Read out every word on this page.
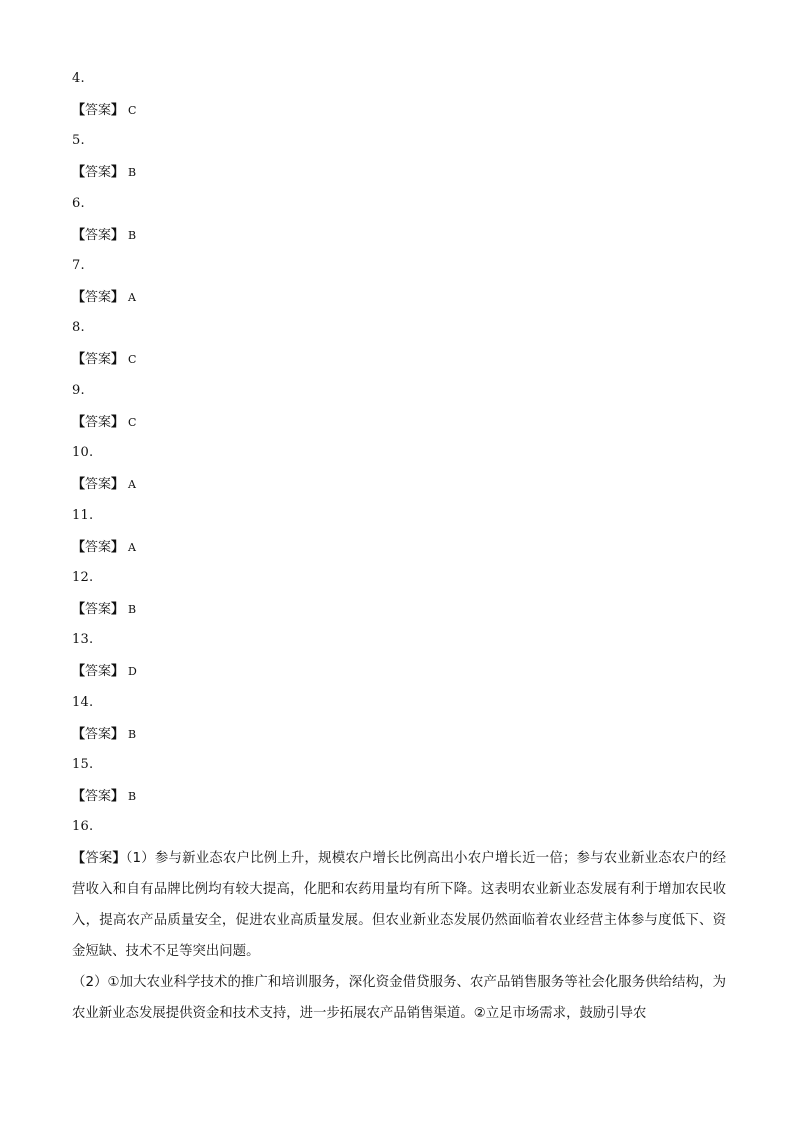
4.
【答案】 C
5.
【答案】 B
6.
【答案】 B
7.
【答案】 A
8.
【答案】 C
9.
【答案】 C
10.
【答案】 A
11.
【答案】 A
12.
【答案】 B
13.
【答案】 D
14.
【答案】 B
15.
【答案】 B
16.
【答案】（1）参与新业态农户比例上升，规模农户增长比例高出小农户增长近一倍；参与农业新业态农户的经营收入和自有品牌比例均有较大提高，化肥和农药用量均有所下降。这表明农业新业态发展有利于增加农民收入，提高农产品质量安全，促进农业高质量发展。但农业新业态发展仍然面临着农业经营主体参与度低下、资金短缺、技术不足等突出问题。
（2）①加大农业科学技术的推广和培训服务，深化资金借贷服务、农产品销售服务等社会化服务供给结构，为农业新业态发展提供资金和技术支持，进一步拓展农产品销售渠道。②立足市场需求，鼓励引导农
